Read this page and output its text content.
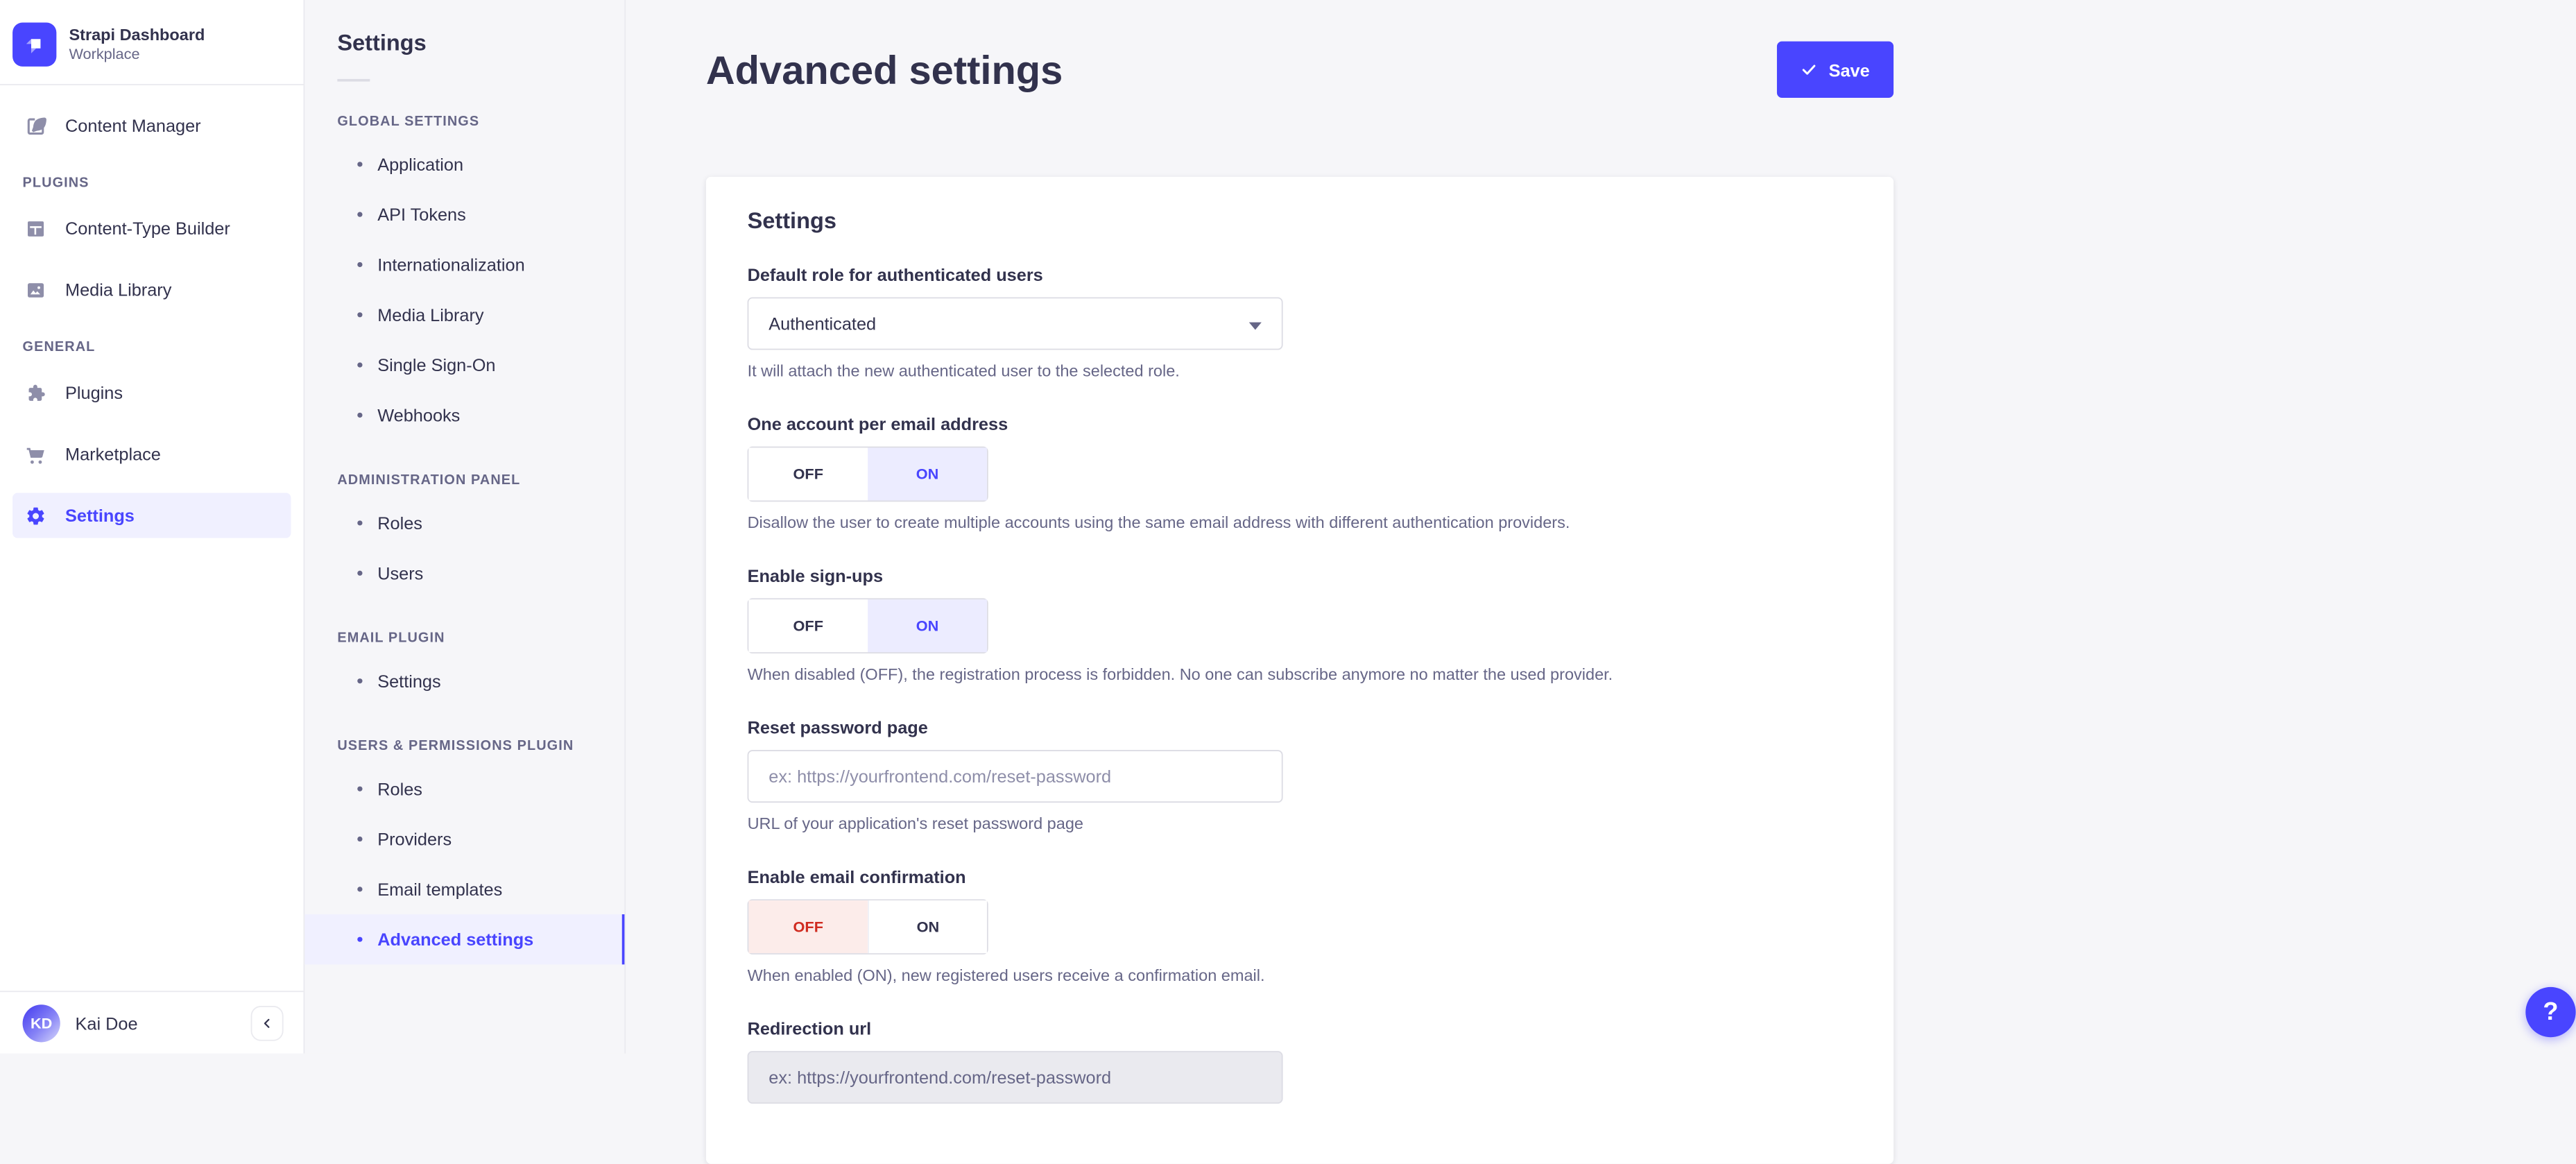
Strapi Dashboard
Workplace
Content Manager
PLUGINS
Content-Type Builder
Media Library
GENERAL
Plugins
Marketplace
Settings
KD	Kai Doe
Settings
GLOBAL SETTINGS
Application
API Tokens
Internationalization
Media Library
Single Sign-On
Webhooks
ADMINISTRATION PANEL
Roles
Users
EMAIL PLUGIN
Settings
USERS & PERMISSIONS PLUGIN
Roles
Providers
Email templates
Advanced settings
Advanced settings	Save
Settings
Default role for authenticated users
Authenticated
It will attach the new authenticated user to the selected role.
One account per email address
OFF	ON
Disallow the user to create multiple accounts using the same email address with different authentication providers.
Enable sign-ups
OFF	ON
When disabled (OFF), the registration process is forbidden. No one can subscribe anymore no matter the used provider.
Reset password page
ex: https://yourfrontend.com/reset-password
URL of your application's reset password page
Enable email confirmation
OFF	ON
When enabled (ON), new registered users receive a confirmation email.
Redirection url
ex: https://yourfrontend.com/reset-password
?
